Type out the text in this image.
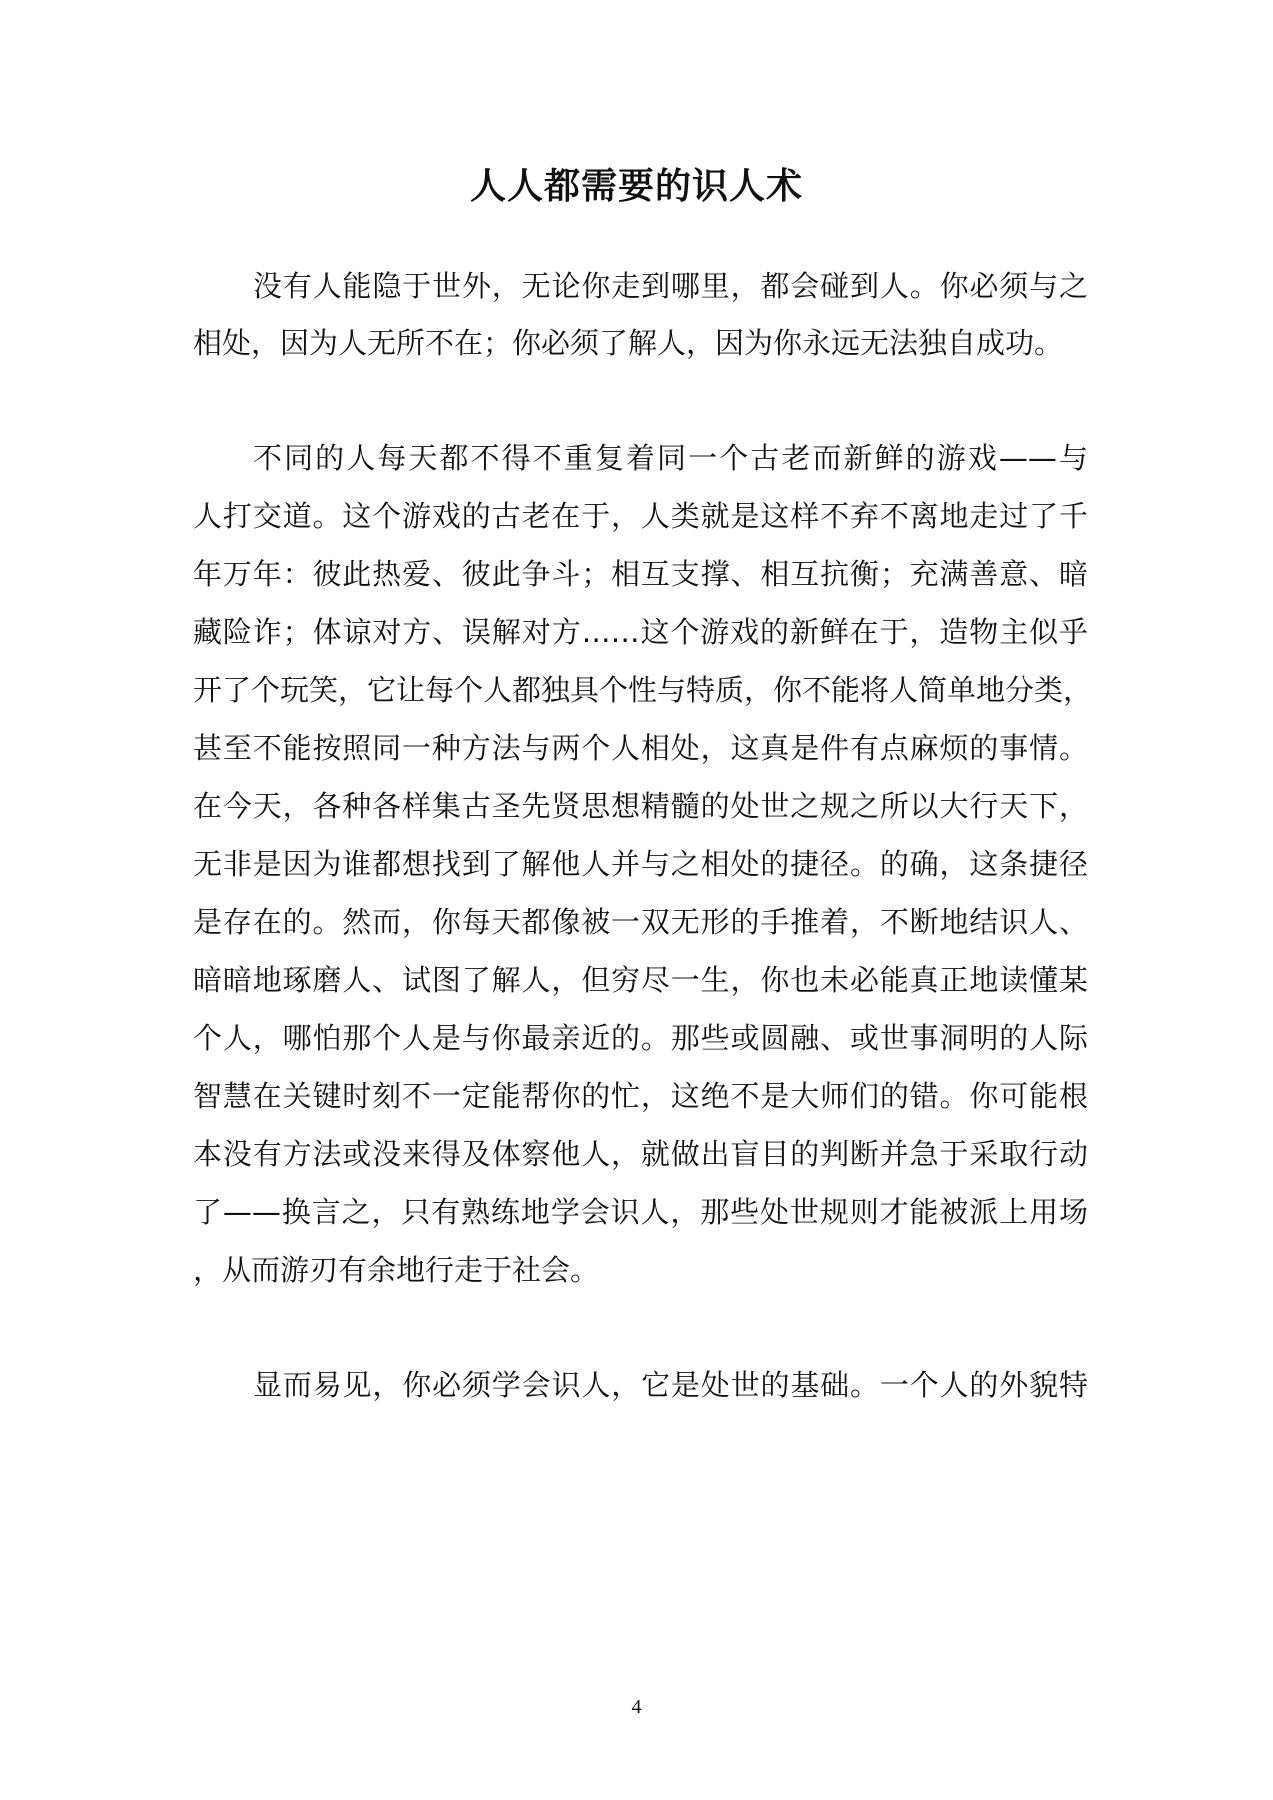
人人都需要的识人术
没有人能隐于世外，无论你走到哪里，都会碰到人。你必须与之
相处，因为人无所不在；你必须了解人，因为你永远无法独自成功。
不同的人每天都不得不重复着同一个古老而新鲜的游戏——与
人打交道。这个游戏的古老在于，人类就是这样不弃不离地走过了千
年万年：彼此热爱、彼此争斗；相互支撑、相互抗衡；充满善意、暗
藏险诈；体谅对方、误解对方……这个游戏的新鲜在于，造物主似乎
开了个玩笑，它让每个人都独具个性与特质，你不能将人简单地分类，
甚至不能按照同一种方法与两个人相处，这真是件有点麻烦的事情。
在今天，各种各样集古圣先贤思想精髓的处世之规之所以大行天下，
无非是因为谁都想找到了解他人并与之相处的捷径。的确，这条捷径
是存在的。然而，你每天都像被一双无形的手推着，不断地结识人、
暗暗地琢磨人、试图了解人，但穷尽一生，你也未必能真正地读懂某
个人，哪怕那个人是与你最亲近的。那些或圆融、或世事洞明的人际
智慧在关键时刻不一定能帮你的忙，这绝不是大师们的错。你可能根
本没有方法或没来得及体察他人，就做出盲目的判断并急于采取行动
了——换言之，只有熟练地学会识人，那些处世规则才能被派上用场
，从而游刃有余地行走于社会。
显而易见，你必须学会识人，它是处世的基础。一个人的外貌特
4
